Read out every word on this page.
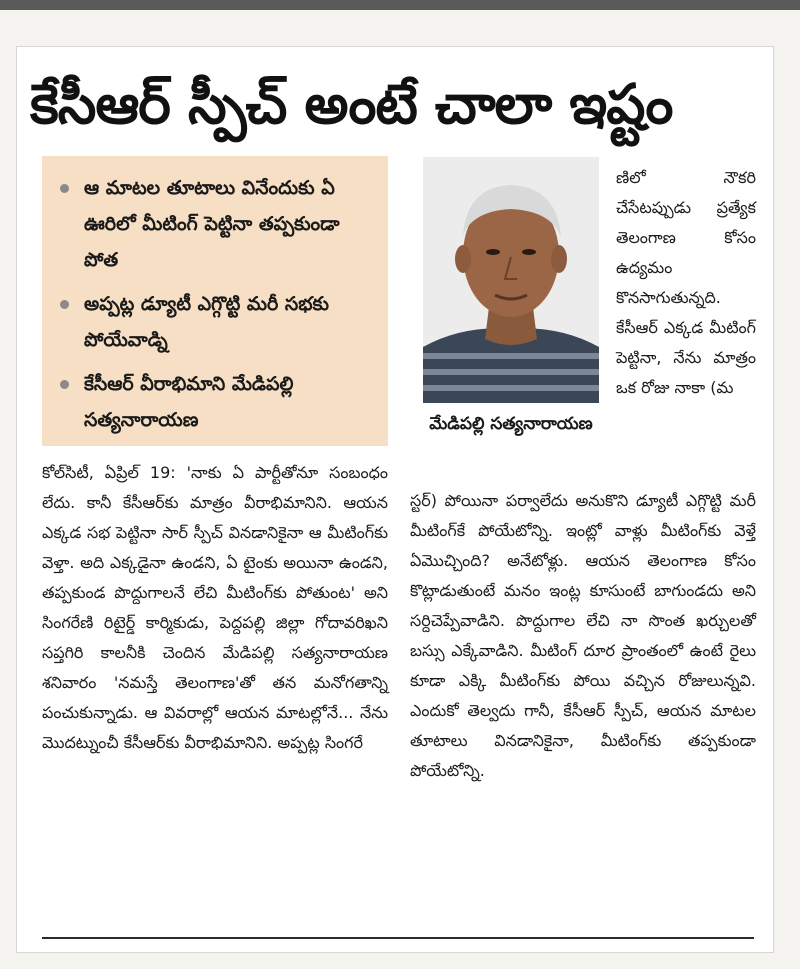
కేసీఆర్ స్పీచ్ అంటే చాలా ఇష్టం
ఆ మాటల తూటాలు వినేందుకు ఏ ఊరిలో మీటింగ్ పెట్టినా తప్పకుండా పోత
అప్పట్ల డ్యూటీ ఎగ్గొట్టి మరీ సభకు పోయేవాడ్ని
కేసీఆర్ వీరాభిమాని మేడిపల్లి సత్యనారాయణ	మేడిపల్లి సత్యనారాయణ
ణిలో నౌకరి చేసేటప్పుడు ప్రత్యేక తెలంగాణ కోసం ఉద్యమం కొనసాగుతున్నది. కేసీఆర్ ఎక్కడ మీటింగ్ పెట్టినా, నేను మాత్రం ఒక రోజు నాకా (మ
కోల్‌సిటీ, ఏప్రిల్ 19: 'నాకు ఏ పార్టీతోనూ సంబంధం లేదు. కానీ కేసీఆర్‌కు మాత్రం వీరాభిమానిని. ఆయన ఎక్కడ సభ పెట్టినా సార్ స్పీచ్ వినడానికైనా ఆ మీటింగ్‌కు వెళ్తా. అది ఎక్కడైనా ఉండని, ఏ టైంకు అయినా ఉండని, తప్పకుండ పొద్దుగాలనే లేచి మీటింగ్‌కు పోతుంట' అని సింగరేణి రిటైర్డ్ కార్మికుడు, పెద్దపల్లి జిల్లా గోదావరిఖని సప్తగిరి కాలనీకి చెందిన మేడిపల్లి సత్యనారాయణ శనివారం 'నమస్తే తెలంగాణ'తో తన మనోగతాన్ని పంచుకున్నాడు. ఆ వివరాల్లో ఆయన మాటల్లోనే... నేను మొదట్నుంచీ కేసీఆర్‌కు వీరాభిమానిని. అప్పట్ల సింగరే
స్టర్) పోయినా పర్వాలేదు అనుకొని డ్యూటీ ఎగ్గొట్టి మరీ మీటింగ్‌కే పోయేటోన్ని. ఇంట్లో వాళ్లు మీటింగ్‌కు వెళ్తే ఏమొచ్చింది? అనేటోళ్లు. ఆయన తెలంగాణ కోసం కొట్లాడుతుంటే మనం ఇంట్ల కూసుంటే బాగుండదు అని సర్దిచెప్పేవాడిని. పొద్దుగాల లేచి నా సొంత ఖర్చులతో బస్సు ఎక్కేవాడిని. మీటింగ్ దూర ప్రాంతంలో ఉంటే రైలు కూడా ఎక్కి మీటింగ్‌కు పోయి వచ్చిన రోజులున్నవి. ఎందుకో తెల్వదు గానీ, కేసీఆర్ స్పీచ్, ఆయన మాటల తూటాలు వినడానికైనా, మీటింగ్‌కు తప్పకుండా పోయేటోన్ని.
